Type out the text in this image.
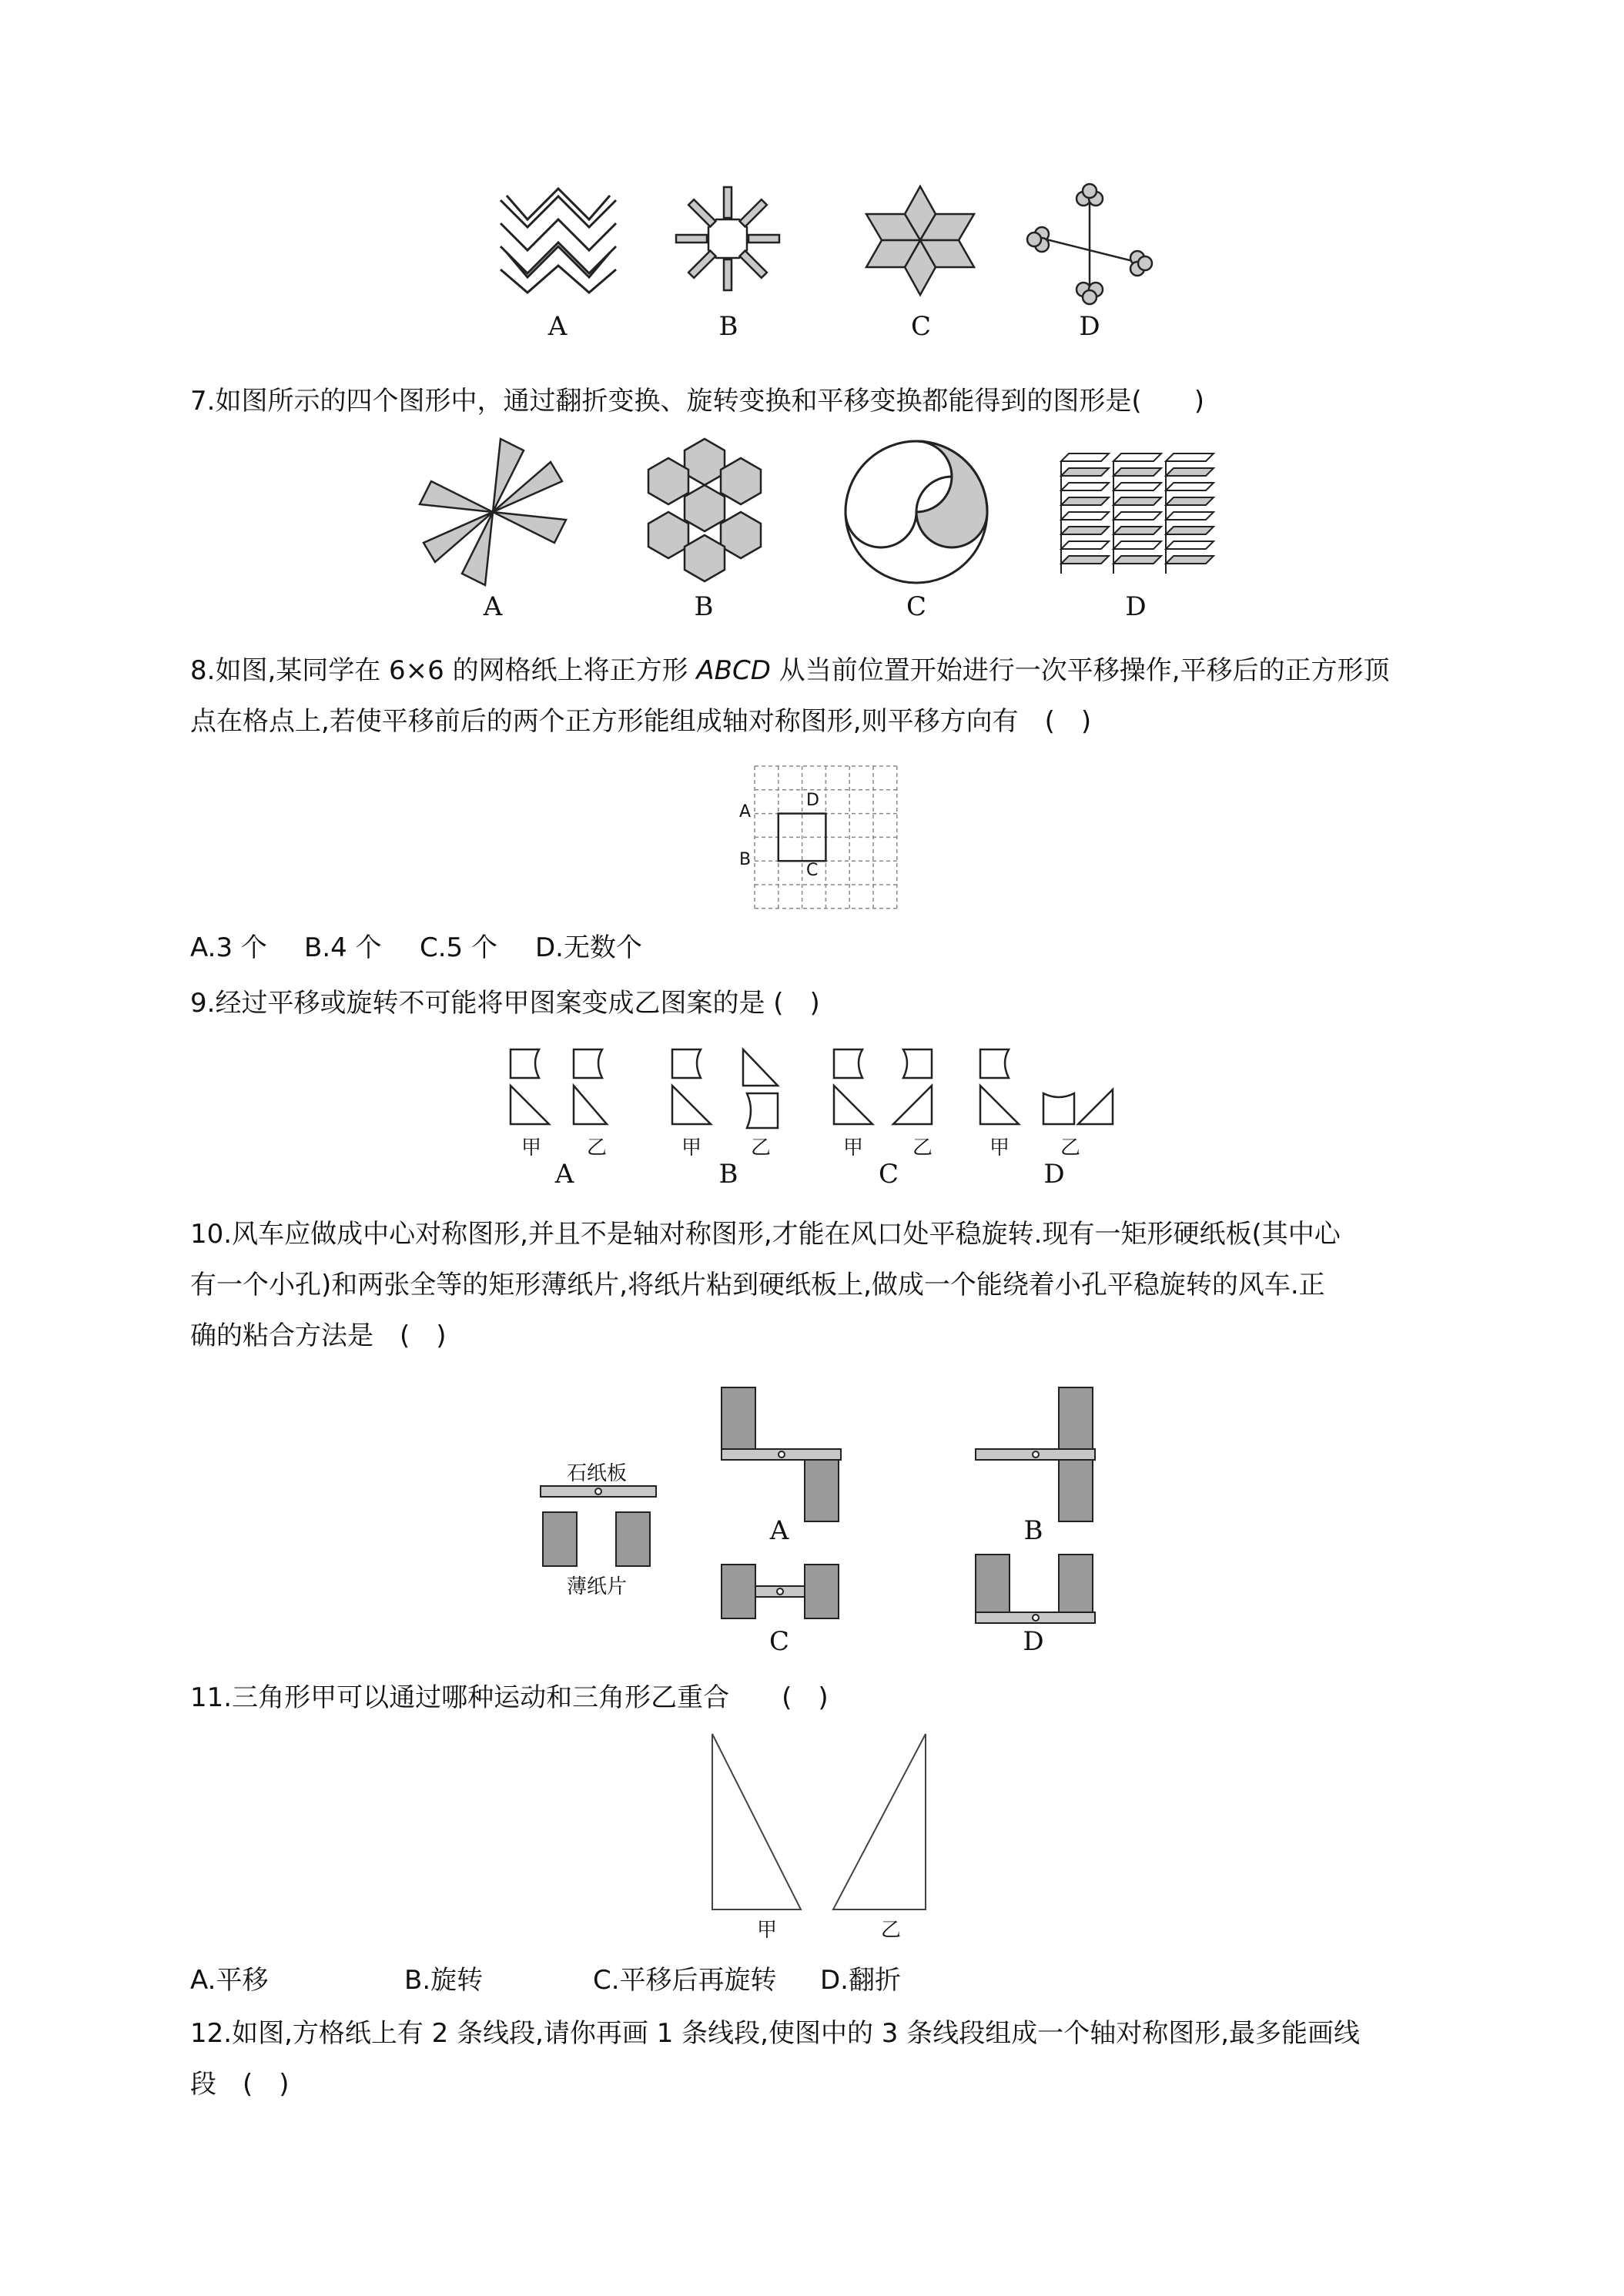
A	B	C	D
7.如图所示的四个图形中，通过翻折变换、旋转变换和平移变换都能得到的图形是(　　)
A	B	C	D
8.如图,某同学在 6×6 的网格纸上将正方形 ABCD 从当前位置开始进行一次平移操作,平移后的正方形顶
点在格点上,若使平移前后的两个正方形能组成轴对称图形,则平移方向有　(　)
A
B
C
D
A.3 个 B.4 个 C.5 个 D.无数个
9.经过平移或旋转不可能将甲图案变成乙图案的是 (　)
甲	乙
A
甲	乙
B
甲	乙
C
甲	乙
D
10.风车应做成中心对称图形,并且不是轴对称图形,才能在风口处平稳旋转.现有一矩形硬纸板(其中心
有一个小孔)和两张全等的矩形薄纸片,将纸片粘到硬纸板上,做成一个能绕着小孔平稳旋转的风车.正
确的粘合方法是　(　)
石纸板
薄纸片
A	B
C	D
11.三角形甲可以通过哪种运动和三角形乙重合　　(　)
甲	乙
A.平移	B.旋转	C.平移后再旋转 D.翻折
12.如图,方格纸上有 2 条线段,请你再画 1 条线段,使图中的 3 条线段组成一个轴对称图形,最多能画线
段　(　)
